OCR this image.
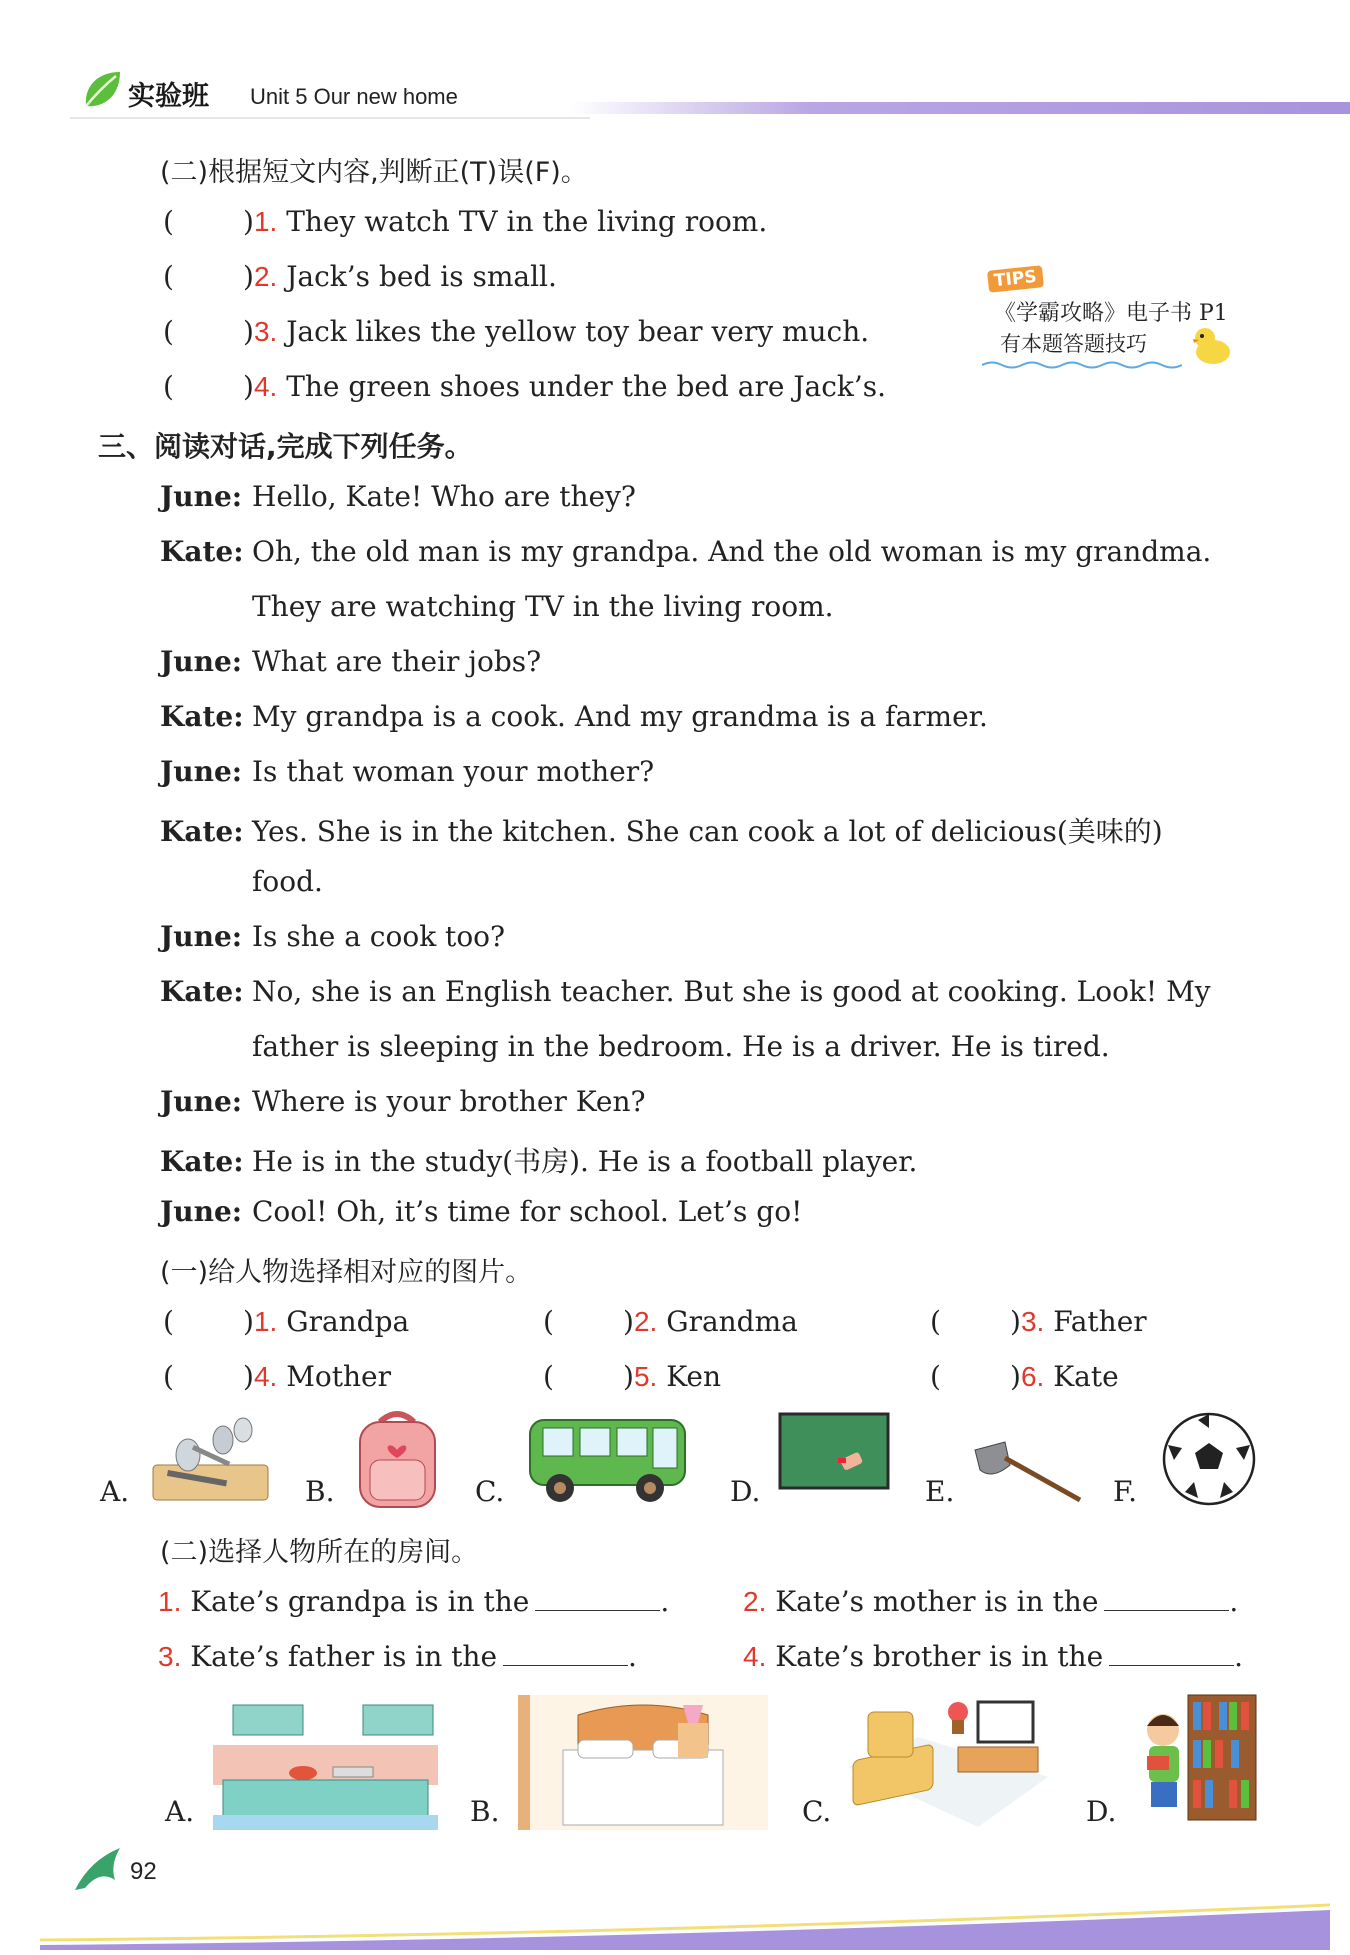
实验班 Unit 5 Our new home
(二)根据短文内容,判断正(T)误(F)。
( )1. They watch TV in the living room.
( )2. Jack’s bed is small.
( )3. Jack likes the yellow toy bear very much.
( )4. The green shoes under the bed are Jack’s.
TIPS
《学霸攻略》电子书 P1
有本题答题技巧
三、阅读对话,完成下列任务。
June: Hello, Kate! Who are they?
Kate: Oh, the old man is my grandpa. And the old woman is my grandma.
They are watching TV in the living room.
June: What are their jobs?
Kate: My grandpa is a cook. And my grandma is a farmer.
June: Is that woman your mother?
Kate: Yes. She is in the kitchen. She can cook a lot of delicious(美味的)
food.
June: Is she a cook too?
Kate: No, she is an English teacher. But she is good at cooking. Look! My
father is sleeping in the bedroom. He is a driver. He is tired.
June: Where is your brother Ken?
Kate: He is in the study(书房). He is a football player.
June: Cool! Oh, it’s time for school. Let’s go!
(一)给人物选择相对应的图片。
( )1. Grandpa	( )2. Grandma	( )3. Father
( )4. Mother	( )5. Ken	( )6. Kate
A.	B.	C.	D.	E.	F.
(二)选择人物所在的房间。
1. Kate’s grandpa is in the	.	2. Kate’s mother is in the	.
3. Kate’s father is in the	.	4. Kate’s brother is in the	.
A.	B.	C.	D.
92
